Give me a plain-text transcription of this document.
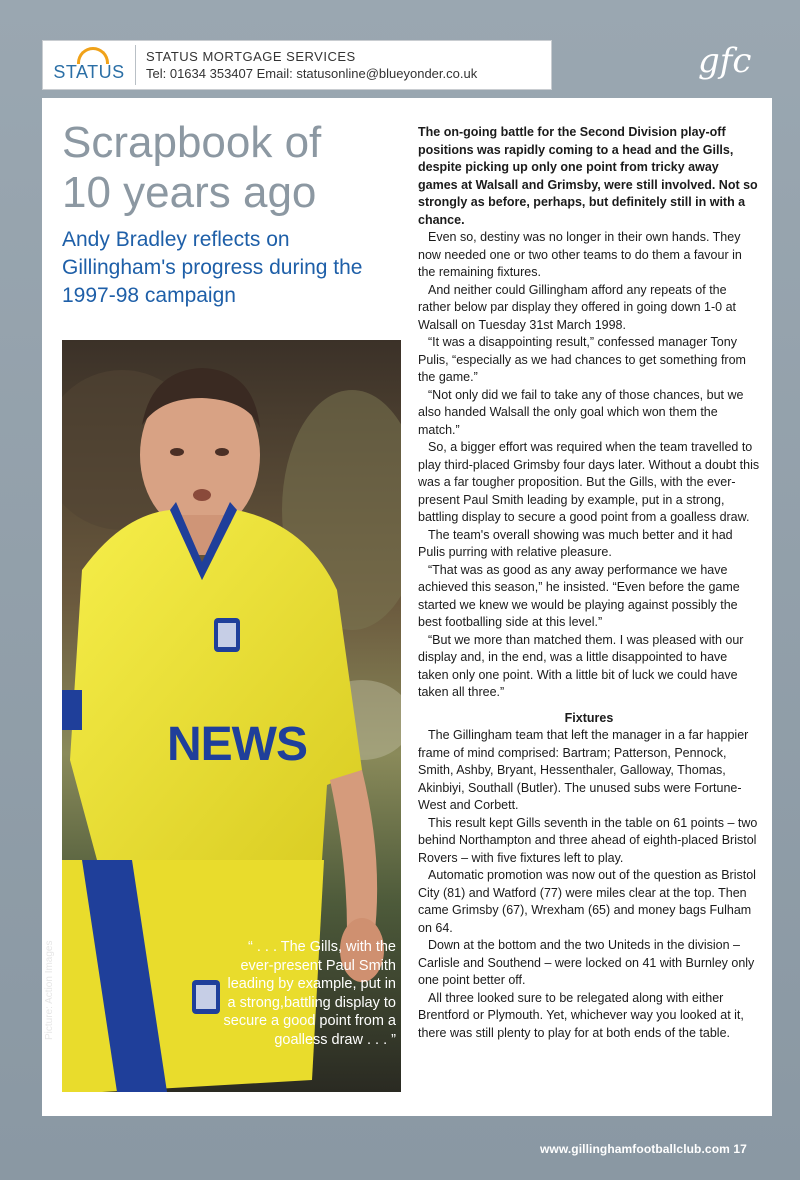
STATUS
STATUS MORTGAGE SERVICES
Tel: 01634 353407 Email: statusonline@blueyonder.co.uk	gfc
Scrapbook of
10 years ago
Andy Bradley reflects on Gillingham's progress during the 1997-98 campaign
NEWS
Picture: Action Images	“ . . . The Gills, with the ever-present Paul Smith leading by example, put in a strong,battling display to secure a good point from a goalless draw . . . ”

The on-going battle for the Second Division play-off positions was rapidly coming to a head and the Gills, despite picking up only one point from tricky away games at Walsall and Grimsby, were still involved. Not so strongly as before, perhaps, but definitely still in with a chance.

Even so, destiny was no longer in their own hands. They now needed one or two other teams to do them a favour in the remaining fixtures.

And neither could Gillingham afford any repeats of the rather below par display they offered in going down 1-0 at Walsall on Tuesday 31st March 1998.

“It was a disappointing result,” confessed manager Tony Pulis, “especially as we had chances to get something from the game.”

“Not only did we fail to take any of those chances, but we also handed Walsall the only goal which won them the match.”

So, a bigger effort was required when the team travelled to play third-placed Grimsby four days later. Without a doubt this was a far tougher proposition. But the Gills, with the ever-present Paul Smith leading by example, put in a strong, battling display to secure a good point from a goalless draw.

The team's overall showing was much better and it had Pulis purring with relative pleasure.

“That was as good as any away performance we have achieved this season,” he insisted. “Even before the game started we knew we would be playing against possibly the best footballing side at this level.”

“But we more than matched them. I was pleased with our display and, in the end, was a little disappointed to have taken only one point. With a little bit of luck we could have taken all three.”

Fixtures

The Gillingham team that left the manager in a far happier frame of mind comprised: Bartram; Patterson, Pennock, Smith, Ashby, Bryant, Hessenthaler, Galloway, Thomas, Akinbiyi, Southall (Butler). The unused subs were Fortune-West and Corbett.

This result kept Gills seventh in the table on 61 points – two behind Northampton and three ahead of eighth-placed Bristol Rovers – with five fixtures left to play.

Automatic promotion was now out of the question as Bristol City (81) and Watford (77) were miles clear at the top. Then came Grimsby (67), Wrexham (65) and money bags Fulham on 64.

Down at the bottom and the two Uniteds in the division – Carlisle and Southend – were locked on 41 with Burnley only one point better off.

All three looked sure to be relegated along with either Brentford or Plymouth. Yet, whichever way you looked at it, there was still plenty to play for at both ends of the table.

www.gillinghamfootballclub.com 17
